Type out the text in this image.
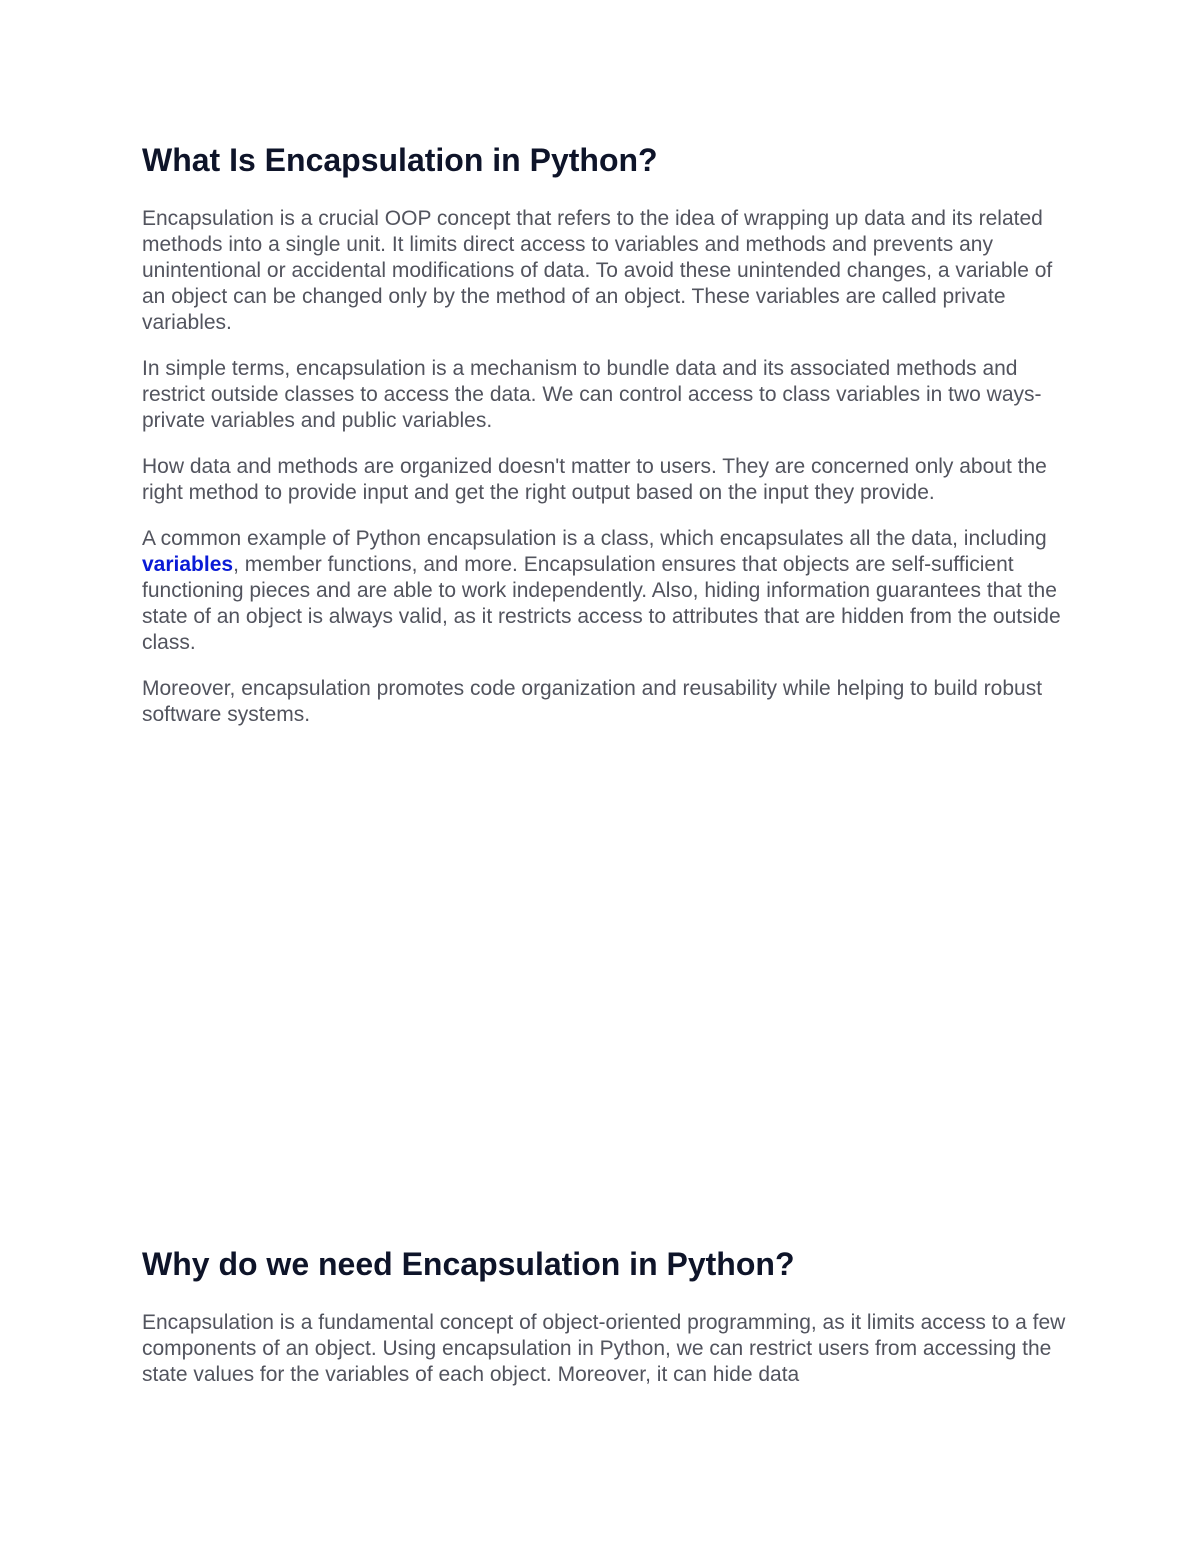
What Is Encapsulation in Python?

Encapsulation is a crucial OOP concept that refers to the idea of wrapping up data and its related methods into a single unit. It limits direct access to variables and methods and prevents any unintentional or accidental modifications of data. To avoid these unintended changes, a variable of an object can be changed only by the method of an object. These variables are called private variables.

In simple terms, encapsulation is a mechanism to bundle data and its associated methods and restrict outside classes to access the data. We can control access to class variables in two ways- private variables and public variables.

How data and methods are organized doesn't matter to users. They are concerned only about the right method to provide input and get the right output based on the input they provide.

A common example of Python encapsulation is a class, which encapsulates all the data, including variables, member functions, and more. Encapsulation ensures that objects are self-sufficient functioning pieces and are able to work independently. Also, hiding information guarantees that the state of an object is always valid, as it restricts access to attributes that are hidden from the outside class.

Moreover, encapsulation promotes code organization and reusability while helping to build robust software systems.

Why do we need Encapsulation in Python?

Encapsulation is a fundamental concept of object-oriented programming, as it limits access to a few components of an object. Using encapsulation in Python, we can restrict users from accessing the state values for the variables of each object. Moreover, it can hide data
